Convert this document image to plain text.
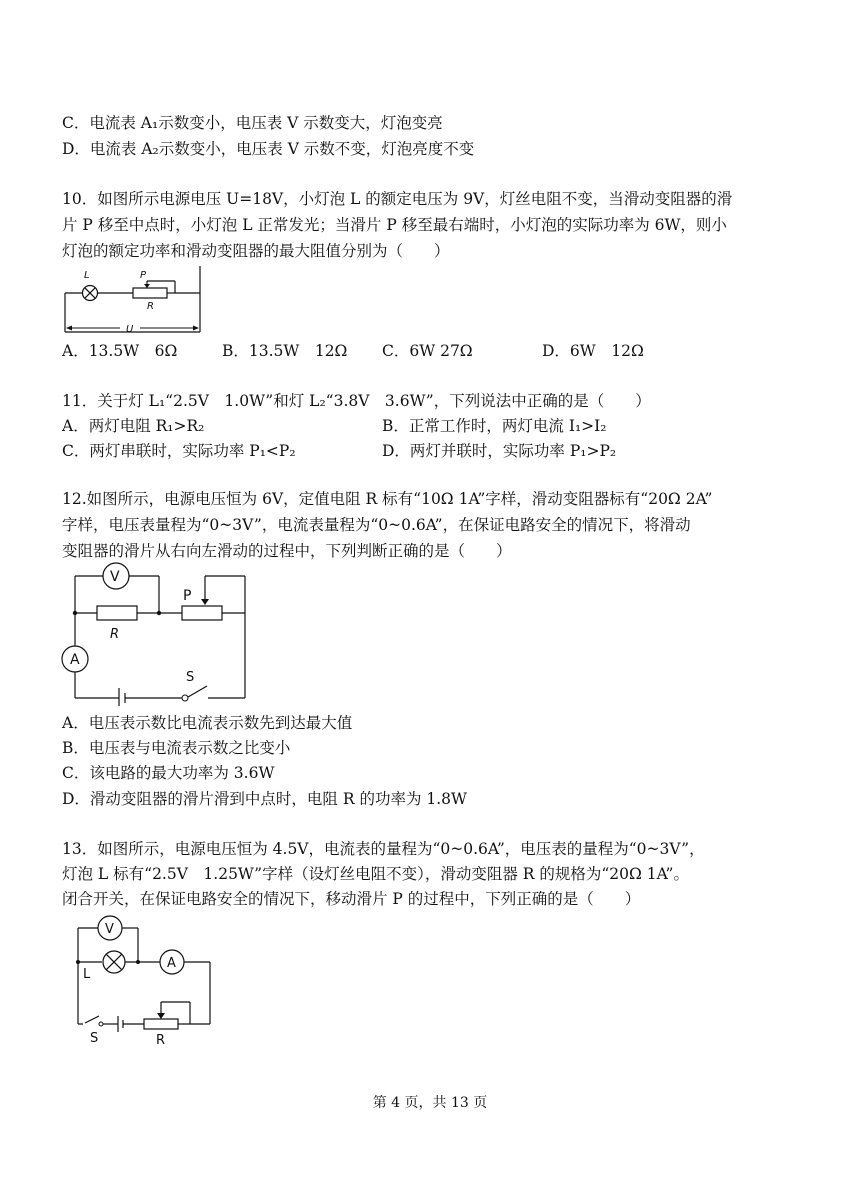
C．电流表 A₁示数变小，电压表 V 示数变大，灯泡变亮
D．电流表 A₂示数变小，电压表 V 示数不变，灯泡亮度不变
10．如图所示电源电压 U=18V，小灯泡 L 的额定电压为 9V，灯丝电阻不变，当滑动变阻器的滑
片 P 移至中点时，小灯泡 L 正常发光；当滑片 P 移至最右端时，小灯泡的实际功率为 6W，则小
灯泡的额定功率和滑动变阻器的最大阻值分别为（　　）
L	P
R
U
A．13.5W　6Ω	B．13.5W　12Ω C．6W 27Ω	D．6W　12Ω
11．关于灯 L₁“2.5V　1.0W”和灯 L₂“3.8V　3.6W”，下列说法中正确的是（　　）
A．两灯电阻 R₁>R₂	B．正常工作时，两灯电流 I₁>I₂
C．两灯串联时，实际功率 P₁<P₂	D．两灯并联时，实际功率 P₁>P₂
12.如图所示，电源电压恒为 6V，定值电阻 R 标有“10Ω 1A”字样，滑动变阻器标有“20Ω 2A”
字样，电压表量程为“0~3V”，电流表量程为“0~0.6A”，在保证电路安全的情况下，将滑动
变阻器的滑片从右向左滑动的过程中，下列判断正确的是（　　）
V
P
R
A
S
A．电压表示数比电流表示数先到达最大值
B．电压表与电流表示数之比变小
C．该电路的最大功率为 3.6W
D．滑动变阻器的滑片滑到中点时，电阻 R 的功率为 1.8W
13．如图所示，电源电压恒为 4.5V，电流表的量程为“0~0.6A”，电压表的量程为“0~3V”，
灯泡 L 标有“2.5V　1.25W”字样（设灯丝电阻不变），滑动变阻器 R 的规格为“20Ω 1A”。
闭合开关，在保证电路安全的情况下，移动滑片 P 的过程中，下列正确的是（　　）
V
L
A
S	R
第 4 页，共 13 页
